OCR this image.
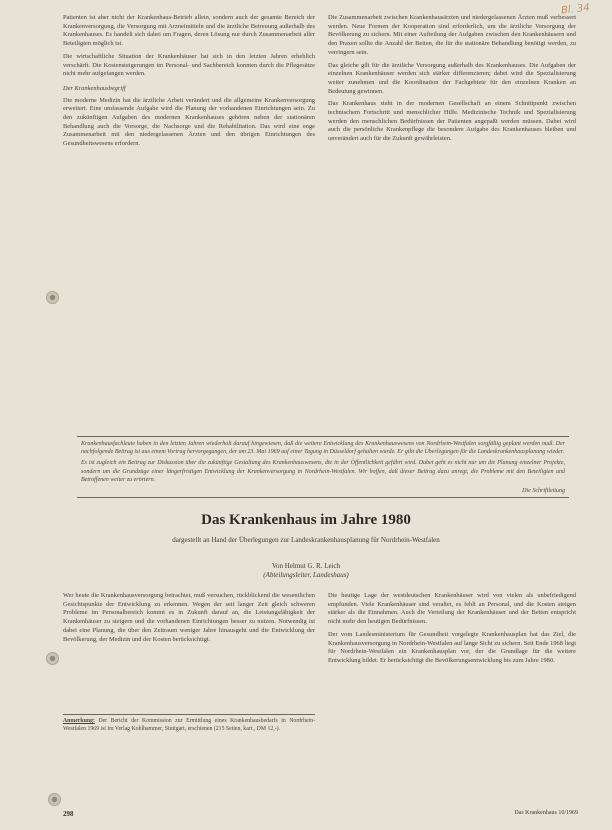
Bl. 34

Patienten ist aber nicht der Krankenhaus-Betrieb allein, sondern auch der gesamte Bereich der Krankenversorgung, die Versorgung mit Arzneimitteln und die ärztliche Betreuung außerhalb des Krankenhauses. Es handelt sich dabei um Fragen, deren Lösung nur durch Zusammenarbeit aller Beteiligten möglich ist.

Die wirtschaftliche Situation der Krankenhäuser hat sich in den letzten Jahren erheblich verschärft. Die Kostensteigerungen im Personal- und Sachbereich konnten durch die Pflegesätze nicht mehr aufgefangen werden.

Der Krankenhausbegriff

Die moderne Medizin hat die ärztliche Arbeit verändert und die allgemeine Krankenversorgung erweitert. Eine umfassende Aufgabe wird die Planung der vorhandenen Einrichtungen sein. Zu den zukünftigen Aufgaben des modernen Krankenhauses gehören neben der stationären Behandlung auch die Vorsorge, die Nachsorge und die Rehabilitation. Das wird eine enge Zusammenarbeit mit den niedergelassenen Ärzten und den übrigen Einrichtungen des Gesundheitswesens erfordern.

Die Zusammenarbeit zwischen Krankenhausärzten und niedergelassenen Ärzten muß verbessert werden. Neue Formen der Kooperation sind erforderlich, um die ärztliche Versorgung der Bevölkerung zu sichern. Mit einer Aufteilung der Aufgaben zwischen den Krankenhäusern und den Praxen sollte die Anzahl der Betten, die für die stationäre Behandlung benötigt werden, zu verringern sein.

Das gleiche gilt für die ärztliche Versorgung außerhalb des Krankenhauses. Die Aufgaben der einzelnen Krankenhäuser werden sich stärker differenzieren; dabei wird die Spezialisierung weiter zunehmen und die Koordination der Fachgebiete für den einzelnen Kranken an Bedeutung gewinnen.

Das Krankenhaus steht in der modernen Gesellschaft an einem Schnittpunkt zwischen technischem Fortschritt und menschlicher Hilfe. Medizinische Technik und Spezialisierung werden den menschlichen Bedürfnissen der Patienten angepaßt werden müssen. Dabei wird auch die persönliche Krankenpflege die besondere Aufgabe des Krankenhauses bleiben und unverändert auch für die Zukunft gewährleisten.

Krankenhausfachleute haben in den letzten Jahren wiederholt darauf hingewiesen, daß die weitere Entwicklung des Krankenhauswesens von Nordrhein-Westfalen sorgfältig geplant werden muß. Der nachfolgende Beitrag ist aus einem Vortrag hervorgegangen, der am 23. Mai 1969 auf einer Tagung in Düsseldorf gehalten wurde. Er gibt die Überlegungen für die Landeskrankenhausplanung wieder.

Es ist zugleich ein Beitrag zur Diskussion über die zukünftige Gestaltung des Krankenhauswesens, die in der Öffentlichkeit geführt wird. Dabei geht es nicht nur um die Planung einzelner Projekte, sondern um die Grundzüge einer längerfristigen Entwicklung der Krankenversorgung in Nordrhein-Westfalen. Wir hoffen, daß dieser Beitrag dazu anregt, die Probleme mit den Beteiligten und Betroffenen weiter zu erörtern.

Die Schriftleitung

Das Krankenhaus im Jahre 1980
dargestellt an Hand der Überlegungen zur Landeskrankenhausplanung für Nordrhein-Westfalen
Von Helmut G. R. Leich
(Abteilungsleiter, Landeshaus)

Wer heute die Krankenhausversorgung betrachtet, muß versuchen, rückblickend die wesentlichen Gesichtspunkte der Entwicklung zu erkennen. Wegen der seit langer Zeit gleich schweren Probleme im Personalbereich kommt es in Zukunft darauf an, die Leistungsfähigkeit der Krankenhäuser zu steigern und die vorhandenen Einrichtungen besser zu nutzen. Notwendig ist dabei eine Planung, die über den Zeitraum weniger Jahre hinausgeht und die Entwicklung der Bevölkerung, der Medizin und der Kosten berücksichtigt.

Die heutige Lage der westdeutschen Krankenhäuser wird von vielen als unbefriedigend empfunden. Viele Krankenhäuser sind veraltet, es fehlt an Personal, und die Kosten steigen stärker als die Einnahmen. Auch die Verteilung der Krankenhäuser und der Betten entspricht nicht mehr den heutigen Bedürfnissen.

Der vom Landesministerium für Gesundheit vorgelegte Krankenhausplan hat das Ziel, die Krankenhausversorgung in Nordrhein-Westfalen auf lange Sicht zu sichern. Seit Ende 1968 liegt für Nordrhein-Westfalen ein Krankenhausplan vor, der die Grundlage für die weitere Entwicklung bildet. Er berücksichtigt die Bevölkerungsentwicklung bis zum Jahre 1980.

Anmerkung: Der Bericht der Kommission zur Ermittlung eines Krankenhausbedarfs in Nordrhein-Westfalen 1969 ist im Verlag Kohlhammer, Stuttgart, erschienen (215 Seiten, kart., DM 12,-).
298	Das Krankenhaus 10/1969
